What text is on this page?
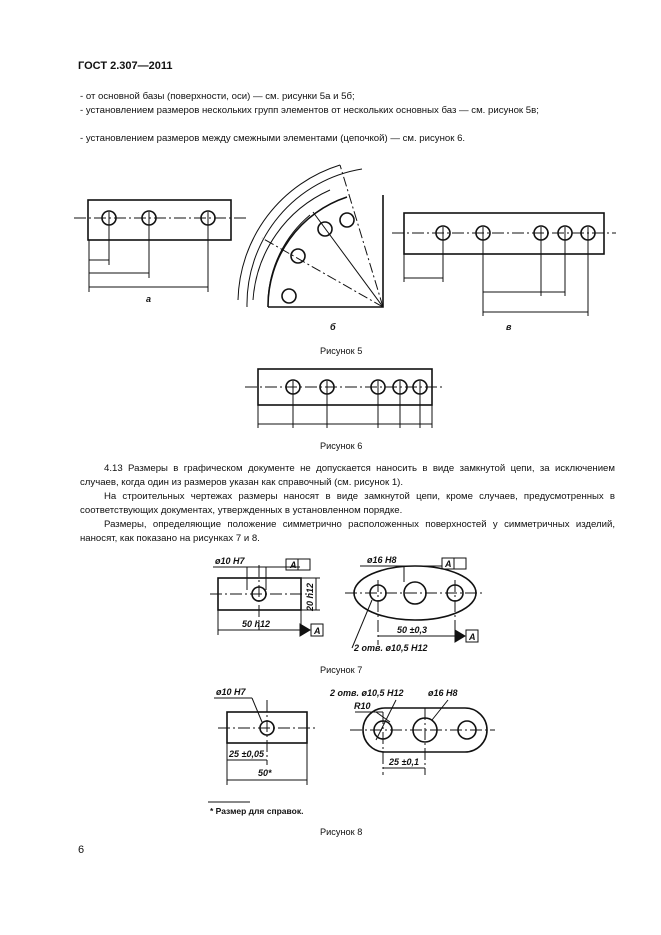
ГОСТ 2.307—2011
- от основной базы (поверхности, оси) — см. рисунки 5а и 5б;
- установлением размеров нескольких групп элементов от нескольких основных баз — см. рисунок 5в;
- установлением размеров между смежными элементами (цепочкой) — см. рисунок 6.
а
б	в
Рисунок 5
Рисунок 6
4.13 Размеры в графическом документе не допускается наносить в виде замкнутой цепи, за исключением случаев, когда один из размеров указан как справочный (см. рисунок 1).
На строительных чертежах размеры наносят в виде замкнутой цепи, кроме случаев, предусмотренных в соответствующих документах, утвержденных в установленном порядке.
Размеры, определяющие положение симметрично расположенных поверхностей у симметричных изделий, наносят, как показано на рисунках 7 и 8.
ø10 H7	A
20 h12
50 h12
A
ø16 H8	A
50 ±0,3
A
2 отв. ø10,5 H12
Рисунок 7
ø10 H7
25 ±0,05
50*
2 отв. ø10,5 H12	ø16 H8
R10
25 ±0,1
* Размер для справок.
Рисунок 8
6
